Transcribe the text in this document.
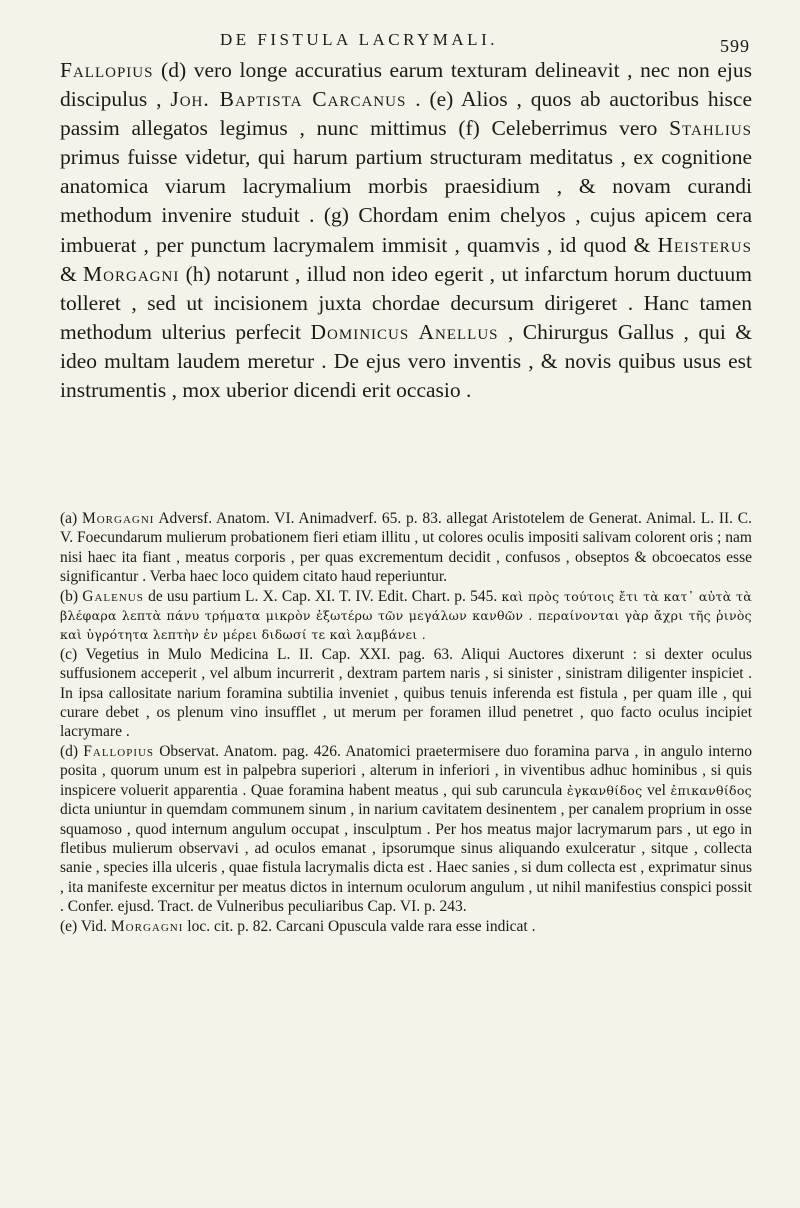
DE FISTULA LACRYMALI.	599

Fallopius (d) vero longe accuratius earum texturam delineavit , nec non ejus discipulus , Joh. Baptista Carcanus . (e) Alios , quos ab auctoribus hisce passim allegatos legimus , nunc mittimus (f) Celeberrimus vero Stahlius primus fuisse videtur, qui harum partium structuram meditatus , ex cognitione anatomica viarum lacrymalium morbis praesidium , & novam curandi methodum invenire studuit . (g) Chordam enim chelyos , cujus apicem cera imbuerat , per punctum lacrymalem immisit , quamvis , id quod & Heisterus & Morgagni (h) notarunt , illud non ideo egerit , ut infarctum horum ductuum tolleret , sed ut incisionem juxta chordae decursum dirigeret . Hanc tamen methodum ulterius perfecit Dominicus Anellus , Chirurgus Gallus , qui & ideo multam laudem meretur . De ejus vero inventis , & novis quibus usus est instrumentis , mox uberior dicendi erit occasio .

(a) Morgagni Adversf. Anatom. VI. Animadverf. 65. p. 83. allegat Aristotelem de Generat. Animal. L. II. C. V. Foecundarum mulierum probationem fieri etiam illitu , ut colores oculis impositi salivam colorent oris ; nam nisi haec ita fiant , meatus corporis , per quas excrementum decidit , confusos , obseptos & obcoecatos esse significantur . Verba haec loco quidem citato haud reperiuntur.

(b) Galenus de usu partium L. X. Cap. XI. T. IV. Edit. Chart. p. 545. καὶ πρὸς τούτοις ἔτι τὰ κατ᾽ αὐτὰ τὰ βλέφαρα λεπτὰ πάνυ τρήματα μικρὸν ἐξωτέρω τῶν μεγάλων κανθῶν . περαίνονται γὰρ ἄχρι τῆς ῥινὸς καὶ ὑγρότητα λεπτὴν ἐν μέρει διδωσί τε καὶ λαμβάνει .

(c) Vegetius in Mulo Medicina L. II. Cap. XXI. pag. 63. Aliqui Auctores dixerunt : si dexter oculus suffusionem acceperit , vel album incurrerit , dextram partem naris , si sinister , sinistram diligenter inspiciet . In ipsa callositate narium foramina subtilia inveniet , quibus tenuis inferenda est fistula , per quam ille , qui curare debet , os plenum vino insufflet , ut merum per foramen illud penetret , quo facto oculus incipiet lacrymare .

(d) Fallopius Observat. Anatom. pag. 426. Anatomici praetermisere duo foramina parva , in angulo interno posita , quorum unum est in palpebra superiori , alterum in inferiori , in viventibus adhuc hominibus , si quis inspicere voluerit apparentia . Quae foramina habent meatus , qui sub caruncula ἐγκανθίδος vel ἐπικανθίδος dicta uniuntur in quemdam communem sinum , in narium cavitatem desinentem , per canalem proprium in osse squamoso , quod internum angulum occupat , insculptum . Per hos meatus major lacrymarum pars , ut ego in fletibus mulierum observavi , ad oculos emanat , ipsorumque sinus aliquando exulceratur , sitque , collecta sanie , species illa ulceris , quae fistula lacrymalis dicta est . Haec sanies , si dum collecta est , exprimatur sinus , ita manifeste excernitur per meatus dictos in internum oculorum angulum , ut nihil manifestius conspici possit . Confer. ejusd. Tract. de Vulneribus peculiaribus Cap. VI. p. 243.

(e) Vid. Morgagni loc. cit. p. 82. Carcani Opuscula valde rara esse indicat .
